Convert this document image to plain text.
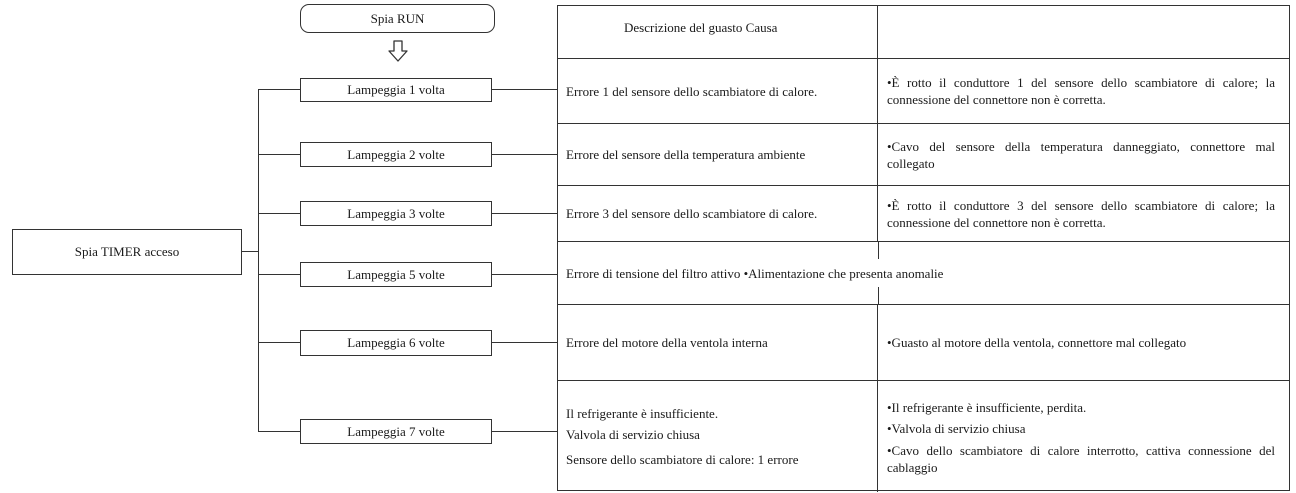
Spia RUN
Spia TIMER acceso
Lampeggia 1 volta
Lampeggia 2 volte
Lampeggia 3 volte
Lampeggia 5 volte
Lampeggia 6 volte
Lampeggia 7 volte
Descrizione del guasto Causa
Errore 1 del sensore dello scambiatore di calore.
•È rotto il conduttore 1 del sensore dello scambiatore di calore; la connessione del connettore non è corretta.
Errore del sensore della temperatura ambiente
•Cavo del sensore della temperatura danneggiato, connettore mal collegato
Errore 3 del sensore dello scambiatore di calore.
•È rotto il conduttore 3 del sensore dello scambiatore di calore; la connessione del connettore non è corretta.
Errore di tensione del filtro attivo •Alimentazione che presenta anomalie
Errore del motore della ventola interna	•Guasto al motore della ventola, connettore mal collegato
Il refrigerante è insufficiente.
Valvola di servizio chiusa
Sensore dello scambiatore di calore: 1 errore
•Il refrigerante è insufficiente, perdita.
•Valvola di servizio chiusa
•Cavo dello scambiatore di calore interrotto, cattiva connessione del cablaggio
